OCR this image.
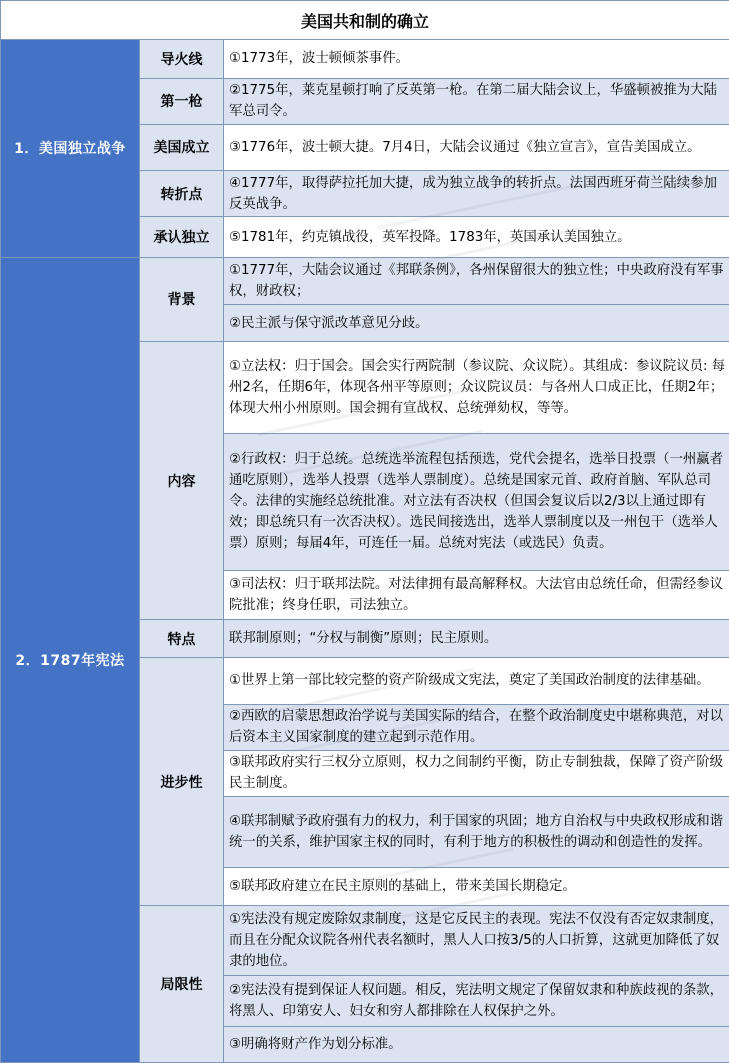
美国共和制的确立		
1．美国独立战争	导火线	①1773年，波士顿倾茶事件。
	第一枪	②1775年，莱克星顿打响了反英第一枪。在第二届大陆会议上，华盛顿被推为大陆军总司令。
	美国成立	③1776年，波士顿大捷。7月4日，大陆会议通过《独立宣言》，宣告美国成立。
	转折点	④1777年，取得萨拉托加大捷，成为独立战争的转折点。法国西班牙荷兰陆续参加反英战争。
	承认独立	⑤1781年，约克镇战役，英军投降。1783年，英国承认美国独立。
2．1787年宪法	背景	①1777年，大陆会议通过《邦联条例》，各州保留很大的独立性；中央政府没有军事权，财政权；
		②民主派与保守派改革意见分歧。
	内容	①立法权：归于国会。国会实行两院制（参议院、众议院）。其组成：参议院议员: 每州2名，任期6年，体现各州平等原则；众议院议员：与各州人口成正比，任期2年；体现大州小州原则。国会拥有宣战权、总统弹劾权，等等。
		②行政权：归于总统。总统选举流程包括预选，党代会提名，选举日投票（一州赢者通吃原则），选举人投票（选举人票制度）。总统是国家元首、政府首脑、军队总司令。法律的实施经总统批准。对立法有否决权（但国会复议后以2/3以上通过即有效；即总统只有一次否决权）。选民间接选出，选举人票制度以及一州包干（选举人票）原则；每届4年，可连任一届。总统对宪法（或选民）负责。
		③司法权：归于联邦法院。对法律拥有最高解释权。大法官由总统任命，但需经参议院批准；终身任职，司法独立。
	特点	联邦制原则；“分权与制衡”原则；民主原则。
	进步性	①世界上第一部比较完整的资产阶级成文宪法，奠定了美国政治制度的法律基础。
		②西欧的启蒙思想政治学说与美国实际的结合，在整个政治制度史中堪称典范，对以后资本主义国家制度的建立起到示范作用。
		③联邦政府实行三权分立原则，权力之间制约平衡，防止专制独裁，保障了资产阶级民主制度。
		④联邦制赋予政府强有力的权力，利于国家的巩固；地方自治权与中央政权形成和谐统一的关系，维护国家主权的同时，有利于地方的积极性的调动和创造性的发挥。
		⑤联邦政府建立在民主原则的基础上，带来美国长期稳定。
	局限性	①宪法没有规定废除奴隶制度，这是它反民主的表现。宪法不仅没有否定奴隶制度，而且在分配众议院各州代表名额时，黑人人口按3/5的人口折算，这就更加降低了奴隶的地位。
		②宪法没有提到保证人权问题。相反，宪法明文规定了保留奴隶和种族歧视的条款，将黑人、印第安人、妇女和穷人都排除在人权保护之外。
		③明确将财产作为划分标准。
